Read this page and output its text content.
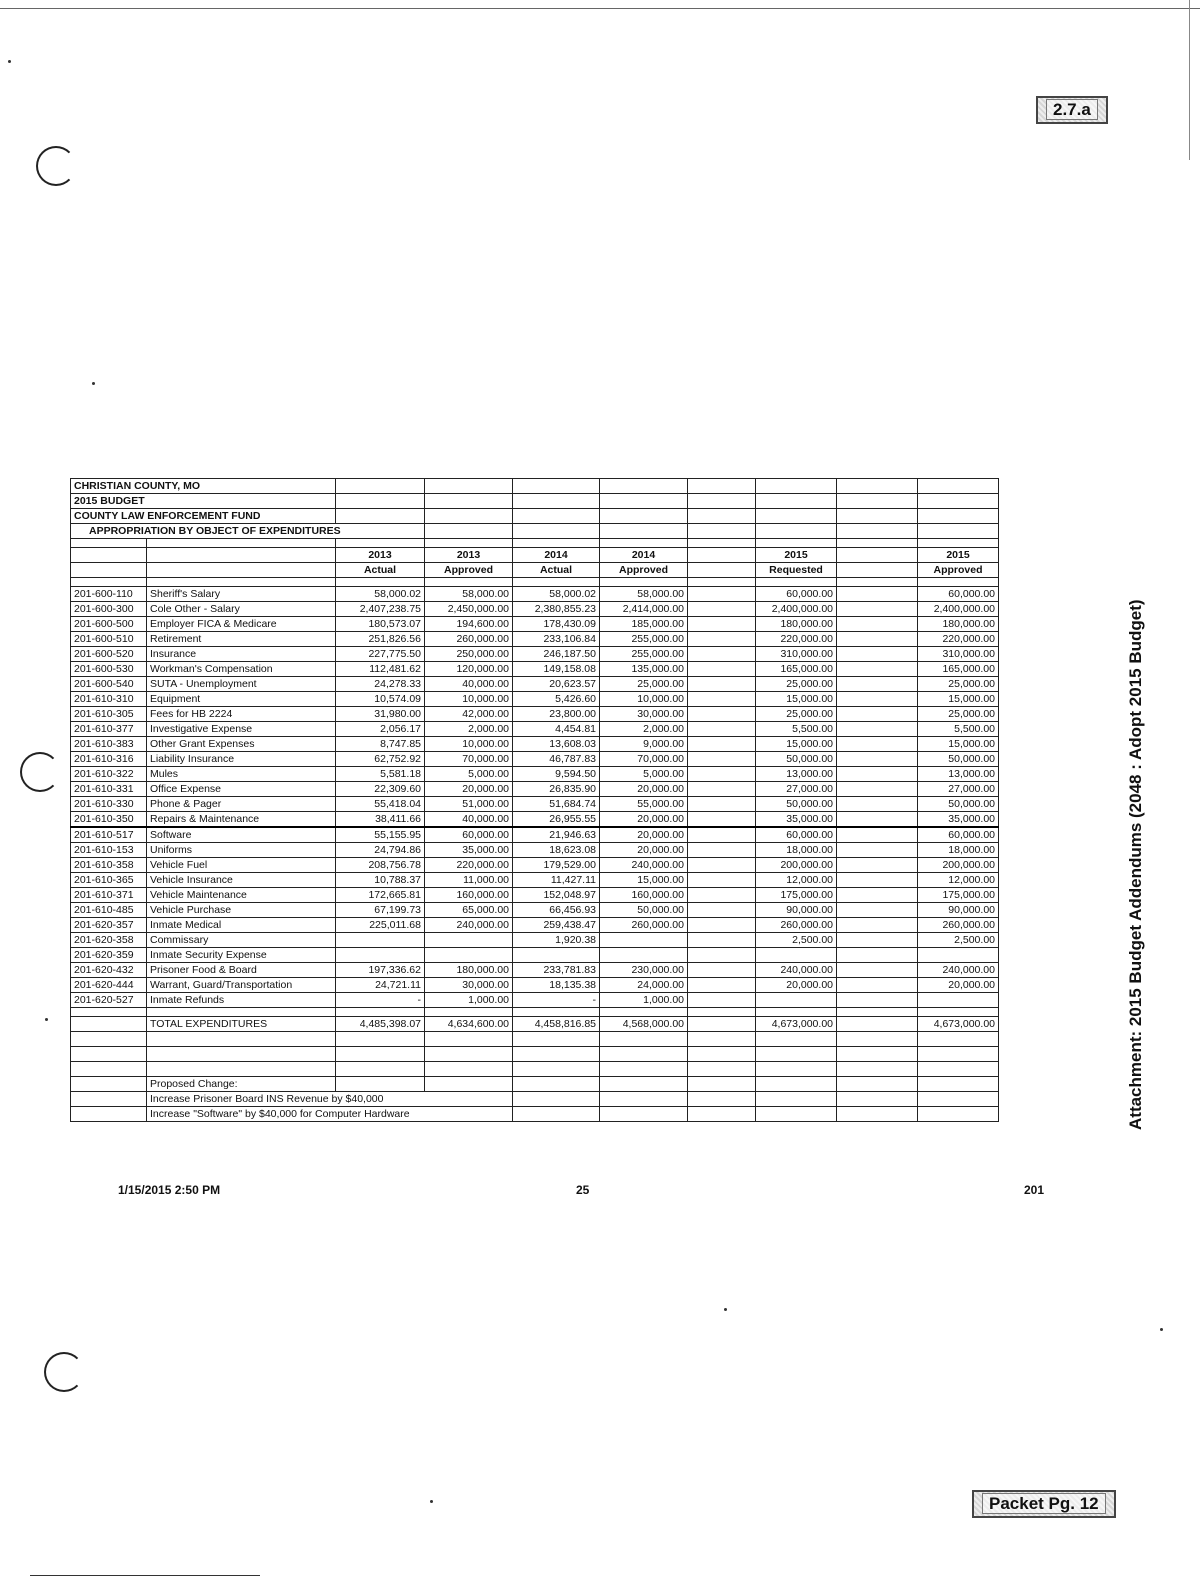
2.7.a
Attachment: 2015 Budget Addendums (2048 : Adopt 2015 Budget)
CHRISTIAN COUNTY, MO									
2015 BUDGET									
COUNTY LAW ENFORCEMENT FUND									
APPROPRIATION BY OBJECT OF EXPENDITURES									

		2013	2013	2014	2014		2015		2015
		Actual	Approved	Actual	Approved		Requested		Approved

201-600-110	Sheriff's Salary	58,000.02	58,000.00	58,000.02	58,000.00		60,000.00		60,000.00
201-600-300	Cole Other - Salary	2,407,238.75	2,450,000.00	2,380,855.23	2,414,000.00		2,400,000.00		2,400,000.00
201-600-500	Employer FICA & Medicare	180,573.07	194,600.00	178,430.09	185,000.00		180,000.00		180,000.00
201-600-510	Retirement	251,826.56	260,000.00	233,106.84	255,000.00		220,000.00		220,000.00
201-600-520	Insurance	227,775.50	250,000.00	246,187.50	255,000.00		310,000.00		310,000.00
201-600-530	Workman's Compensation	112,481.62	120,000.00	149,158.08	135,000.00		165,000.00		165,000.00
201-600-540	SUTA - Unemployment	24,278.33	40,000.00	20,623.57	25,000.00		25,000.00		25,000.00
201-610-310	Equipment	10,574.09	10,000.00	5,426.60	10,000.00		15,000.00		15,000.00
201-610-305	Fees for HB 2224	31,980.00	42,000.00	23,800.00	30,000.00		25,000.00		25,000.00
201-610-377	Investigative Expense	2,056.17	2,000.00	4,454.81	2,000.00		5,500.00		5,500.00
201-610-383	Other Grant Expenses	8,747.85	10,000.00	13,608.03	9,000.00		15,000.00		15,000.00
201-610-316	Liability Insurance	62,752.92	70,000.00	46,787.83	70,000.00		50,000.00		50,000.00
201-610-322	Mules	5,581.18	5,000.00	9,594.50	5,000.00		13,000.00		13,000.00
201-610-331	Office Expense	22,309.60	20,000.00	26,835.90	20,000.00		27,000.00		27,000.00
201-610-330	Phone & Pager	55,418.04	51,000.00	51,684.74	55,000.00		50,000.00		50,000.00
201-610-350	Repairs & Maintenance	38,411.66	40,000.00	26,955.55	20,000.00		35,000.00		35,000.00
201-610-517	Software	55,155.95	60,000.00	21,946.63	20,000.00		60,000.00		60,000.00
201-610-153	Uniforms	24,794.86	35,000.00	18,623.08	20,000.00		18,000.00		18,000.00
201-610-358	Vehicle Fuel	208,756.78	220,000.00	179,529.00	240,000.00		200,000.00		200,000.00
201-610-365	Vehicle Insurance	10,788.37	11,000.00	11,427.11	15,000.00		12,000.00		12,000.00
201-610-371	Vehicle Maintenance	172,665.81	160,000.00	152,048.97	160,000.00		175,000.00		175,000.00
201-610-485	Vehicle Purchase	67,199.73	65,000.00	66,456.93	50,000.00		90,000.00		90,000.00
201-620-357	Inmate Medical	225,011.68	240,000.00	259,438.47	260,000.00		260,000.00		260,000.00
201-620-358	Commissary			1,920.38			2,500.00		2,500.00
201-620-359	Inmate Security Expense								
201-620-432	Prisoner Food & Board	197,336.62	180,000.00	233,781.83	230,000.00		240,000.00		240,000.00
201-620-444	Warrant, Guard/Transportation	24,721.11	30,000.00	18,135.38	24,000.00		20,000.00		20,000.00
201-620-527	Inmate Refunds	-	1,000.00	-	1,000.00				

	TOTAL EXPENDITURES	4,485,398.07	4,634,600.00	4,458,816.85	4,568,000.00		4,673,000.00		4,673,000.00

	Proposed Change:								
	Increase Prisoner Board INS Revenue by $40,000								
	Increase "Software" by $40,000 for Computer Hardware								
1/15/2015 2:50 PM	25	201
Packet Pg. 12
